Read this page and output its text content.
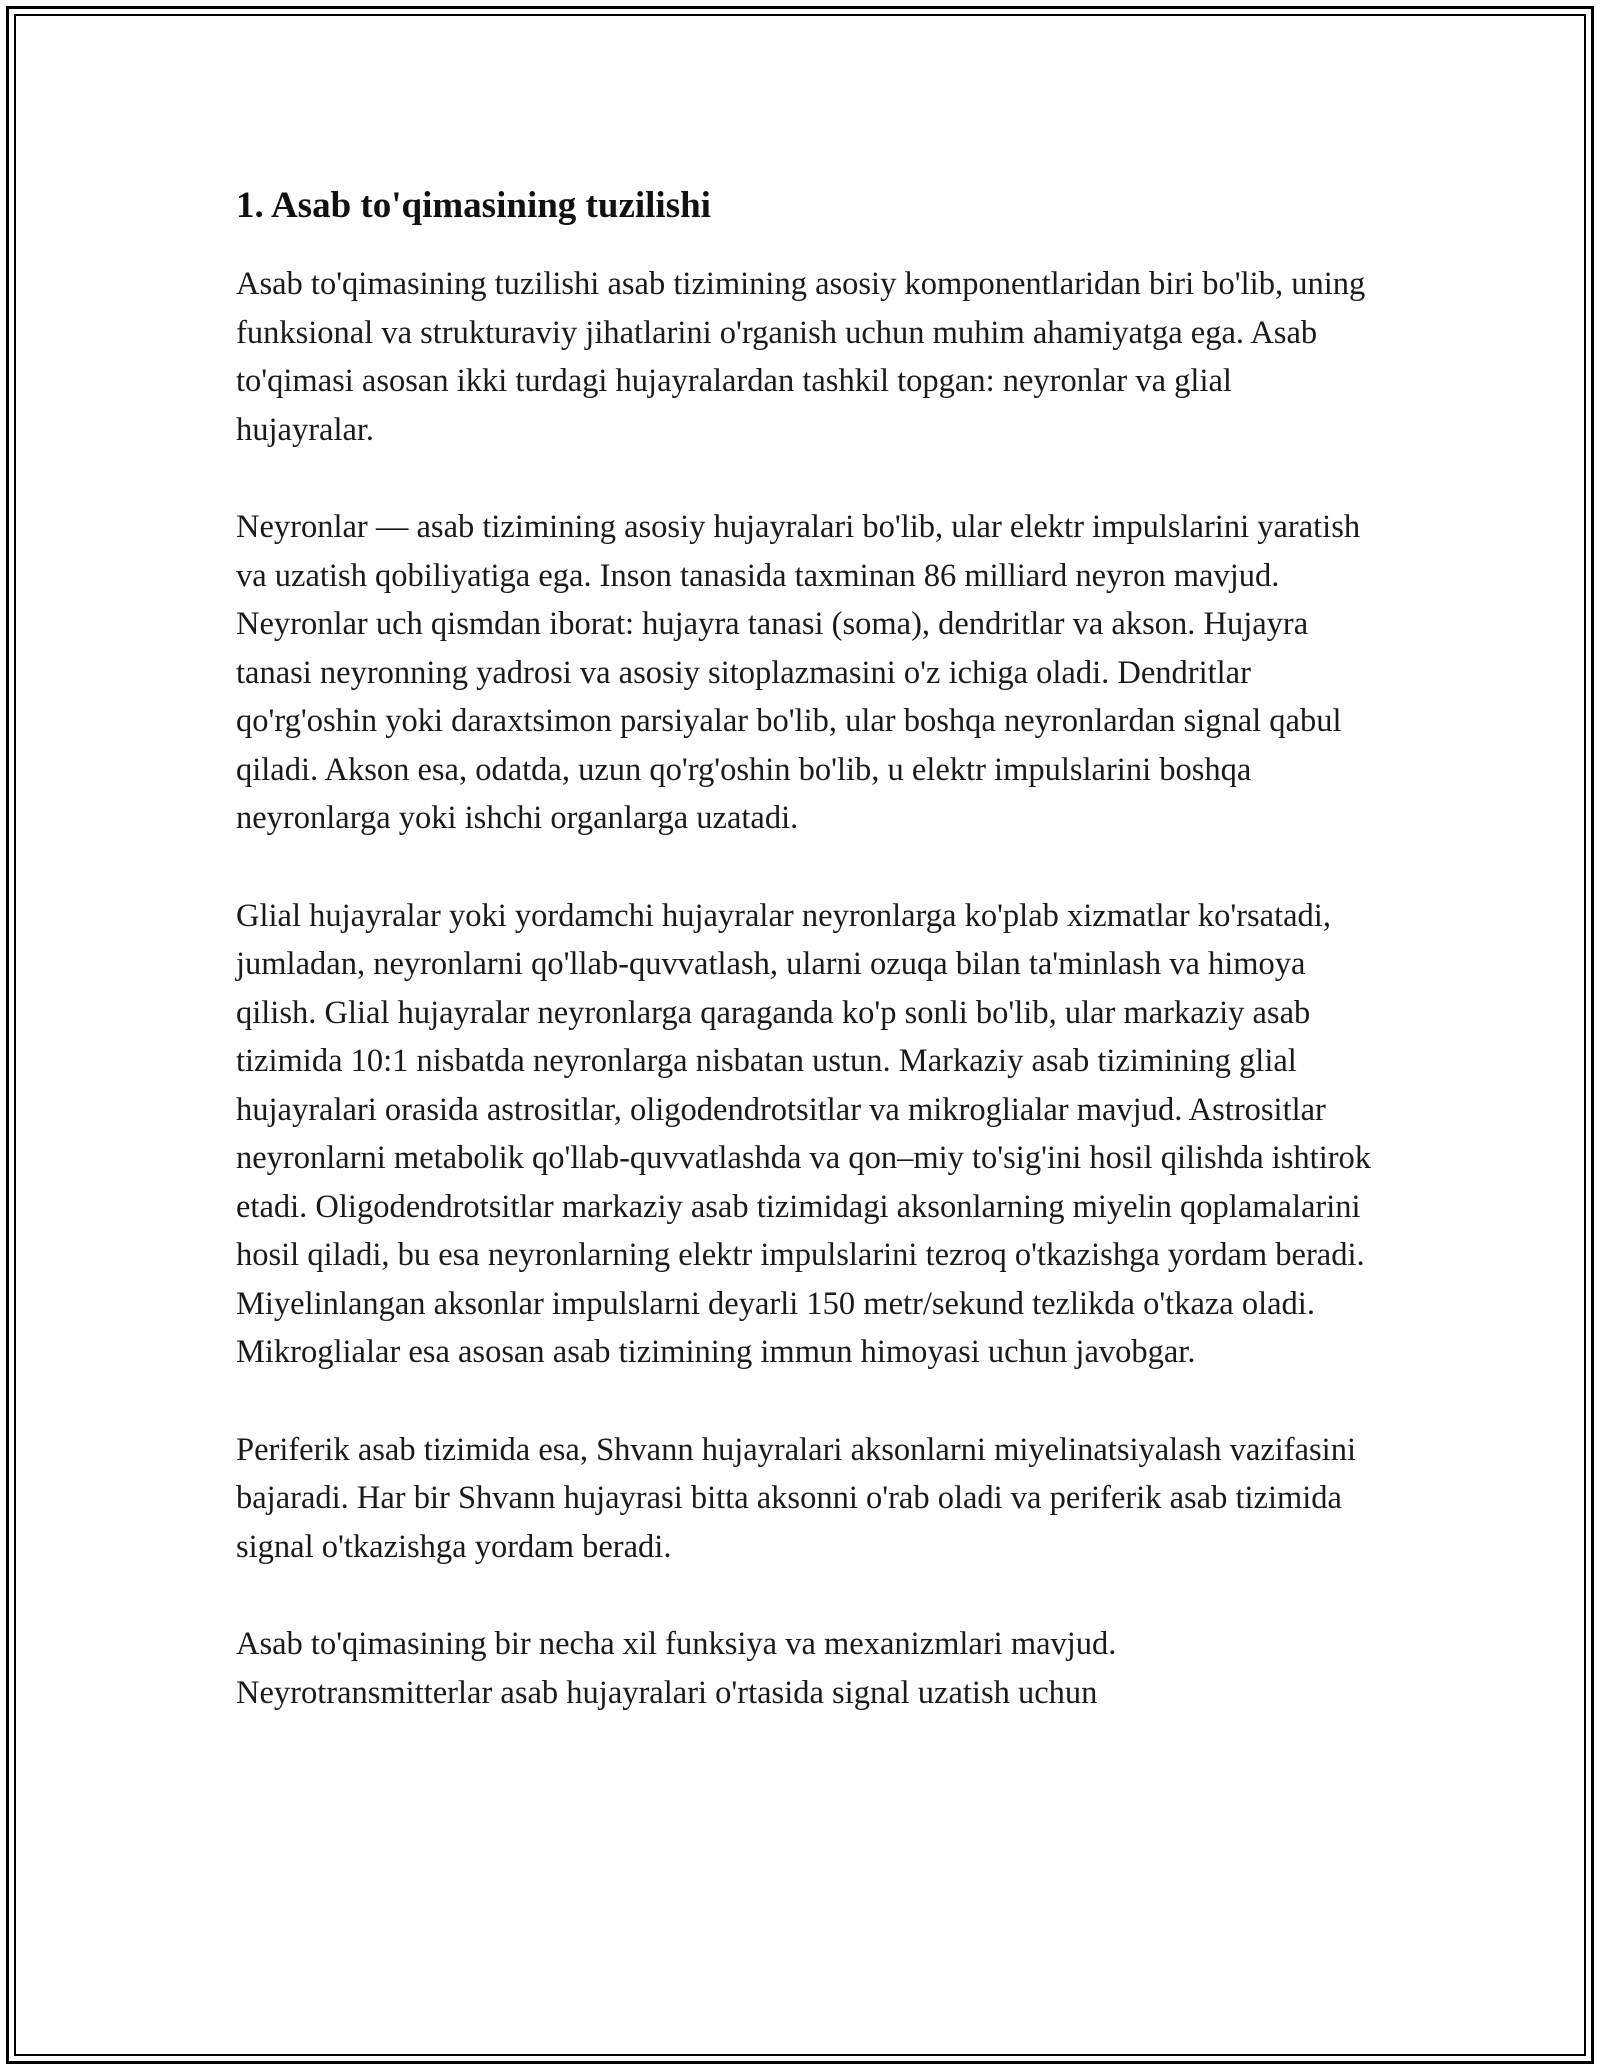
1. Asab to'qimasining tuzilishi

Asab to'qimasining tuzilishi asab tizimining asosiy komponentlaridan biri bo'lib, uning funksional va strukturaviy jihatlarini o'rganish uchun muhim ahamiyatga ega. Asab to'qimasi asosan ikki turdagi hujayralardan tashkil topgan: neyronlar va glial hujayralar.

Neyronlar — asab tizimining asosiy hujayralari bo'lib, ular elektr impulslarini yaratish va uzatish qobiliyatiga ega. Inson tanasida taxminan 86 milliard neyron mavjud. Neyronlar uch qismdan iborat: hujayra tanasi (soma), dendritlar va akson. Hujayra tanasi neyronning yadrosi va asosiy sitoplazmasini o'z ichiga oladi. Dendritlar qo'rg'oshin yoki daraxtsimon parsiyalar bo'lib, ular boshqa neyronlardan signal qabul qiladi. Akson esa, odatda, uzun qo'rg'oshin bo'lib, u elektr impulslarini boshqa neyronlarga yoki ishchi organlarga uzatadi.

Glial hujayralar yoki yordamchi hujayralar neyronlarga ko'plab xizmatlar ko'rsatadi, jumladan, neyronlarni qo'llab-quvvatlash, ularni ozuqa bilan ta'minlash va himoya qilish. Glial hujayralar neyronlarga qaraganda ko'p sonli bo'lib, ular markaziy asab tizimida 10:1 nisbatda neyronlarga nisbatan ustun. Markaziy asab tizimining glial hujayralari orasida astrositlar, oligodendrotsitlar va mikroglialar mavjud. Astrositlar neyronlarni metabolik qo'llab-quvvatlashda va qon–miy to'sig'ini hosil qilishda ishtirok etadi. Oligodendrotsitlar markaziy asab tizimidagi aksonlarning miyelin qoplamalarini hosil qiladi, bu esa neyronlarning elektr impulslarini tezroq o'tkazishga yordam beradi. Miyelinlangan aksonlar impulslarni deyarli 150 metr/sekund tezlikda o'tkaza oladi. Mikroglialar esa asosan asab tizimining immun himoyasi uchun javobgar.

Periferik asab tizimida esa, Shvann hujayralari aksonlarni miyelinatsiyalash vazifasini bajaradi. Har bir Shvann hujayrasi bitta aksonni o'rab oladi va periferik asab tizimida signal o'tkazishga yordam beradi.

Asab to'qimasining bir necha xil funksiya va mexanizmlari mavjud. Neyrotransmitterlar asab hujayralari o'rtasida signal uzatish uchun
